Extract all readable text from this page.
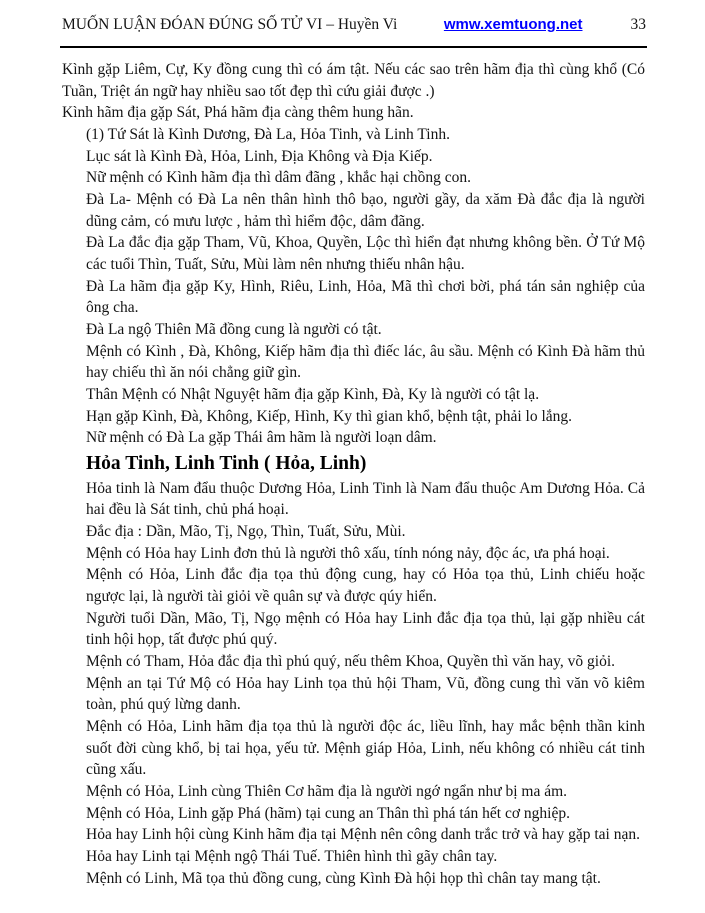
MUỐN LUẬN ĐÓAN ĐÚNG SỐ TỬ VI – Huyền Vi	wmw.xemtuong.net	33

Kình gặp Liêm, Cự, Ky đồng cung thì có ám tật. Nếu các sao trên hãm địa thì cùng khổ (Có Tuần, Triệt án ngữ hay nhiều sao tốt đẹp thì cứu giải được .)

Kình hãm địa gặp Sát, Phá hãm địa càng thêm hung hãn.

(1) Tứ Sát là Kình Dương, Đà La, Hỏa Tinh, và Linh Tinh.

Lục sát là Kình Đà, Hỏa, Linh, Địa Không và Địa Kiếp.

Nữ mệnh có Kình hãm địa thì dâm đãng , khắc hại chồng con.

Đà La- Mệnh có Đà La nên thân hình thô bạo, người gầy, da xăm Đà đắc địa là người dũng cảm, có mưu lược , hảm thì hiểm độc, dâm đãng.

Đà La đắc địa gặp Tham, Vũ, Khoa, Quyền, Lộc thì hiển đạt nhưng không bền. Ở Tứ Mộ các tuổi Thìn, Tuất, Sửu, Mùi làm nên nhưng thiếu nhân hậu.

Đà La hãm địa gặp Ky, Hình, Riêu, Linh, Hỏa, Mã thì chơi bời, phá tán sản nghiệp của ông cha.

Đà La ngộ Thiên Mã đồng cung là người có tật.

Mệnh có Kình , Đà, Không, Kiếp hãm địa thì điếc lác, âu sầu. Mệnh có Kình Đà hãm thủ hay chiếu thì ăn nói chẳng giữ gìn.

Thân Mệnh có Nhật Nguyệt hãm địa gặp Kình, Đà, Ky là người có tật lạ.

Hạn gặp Kình, Đà, Không, Kiếp, Hình, Ky thì gian khổ, bệnh tật, phải lo lắng.

Nữ mệnh có Đà La gặp Thái âm hãm là người loạn dâm.

Hỏa Tinh, Linh Tinh ( Hỏa, Linh)

Hỏa tinh là Nam đẩu thuộc Dương Hỏa, Linh Tinh là Nam đẩu thuộc Am Dương Hỏa. Cả hai đều là Sát tinh, chủ phá hoại.

Đắc địa : Dần, Mão, Tị, Ngọ, Thìn, Tuất, Sửu, Mùi.

Mệnh có Hỏa hay Linh đơn thủ là người thô xấu, tính nóng nảy, độc ác, ưa phá hoại.

Mệnh có Hỏa, Linh đắc địa tọa thủ động cung, hay có Hỏa tọa thủ, Linh chiếu hoặc ngược lại, là người tài giỏi về quân sự và được qúy hiển.

Người tuổi Dần, Mão, Tị, Ngọ mệnh có Hỏa hay Linh đắc địa tọa thủ, lại gặp nhiều cát tinh hội họp, tất được phú quý.

Mệnh có Tham, Hỏa đắc địa thì phú quý, nếu thêm Khoa, Quyền thì văn hay, võ giỏi.

Mệnh an tại Tứ Mộ có Hỏa hay Linh tọa thủ hội Tham, Vũ, đồng cung thì văn võ kiêm toàn, phú quý lừng danh.

Mệnh có Hỏa, Linh hãm địa tọa thủ là người độc ác, liều lĩnh, hay mắc bệnh thần kinh suốt đời cùng khổ, bị tai họa, yếu tử. Mệnh giáp Hỏa, Linh, nếu không có nhiều cát tinh cũng xấu.

Mệnh có Hỏa, Linh cùng Thiên Cơ hãm địa là người ngớ ngẩn như bị ma ám.

Mệnh có Hỏa, Linh gặp Phá (hãm) tại cung an Thân thì phá tán hết cơ nghiệp.

Hỏa hay Linh hội cùng Kinh hãm địa tại Mệnh nên công danh trắc trở và hay gặp tai nạn.

Hỏa hay Linh tại Mệnh ngộ Thái Tuế. Thiên hình thì gãy chân tay.

Mệnh có Linh, Mã tọa thủ đồng cung, cùng Kình Đà hội họp thì chân tay mang tật.
